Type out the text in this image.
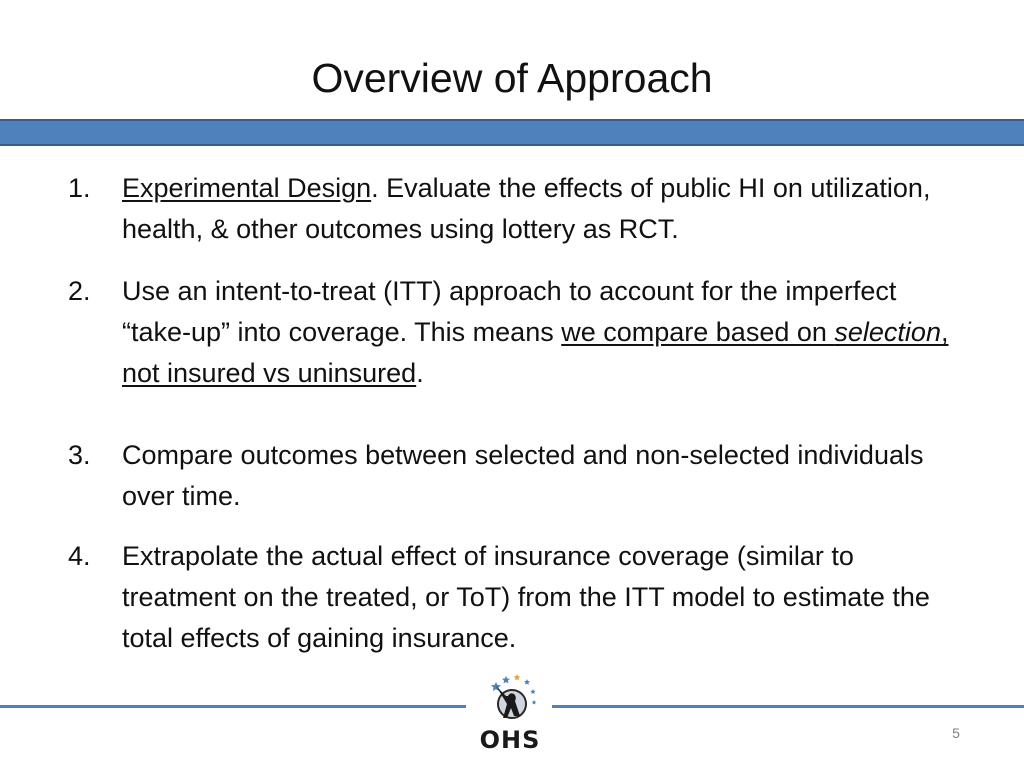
Overview of Approach
1. Experimental Design. Evaluate the effects of public HI on utilization, health, & other outcomes using lottery as RCT.
2. Use an intent-to-treat (ITT) approach to account for the imperfect “take-up” into coverage. This means we compare based on selection, not insured vs uninsured.
3. Compare outcomes between selected and non-selected individuals over time.
4. Extrapolate the actual effect of insurance coverage (similar to treatment on the treated, or ToT) from the ITT model to estimate the total effects of gaining insurance.
OHS	5
